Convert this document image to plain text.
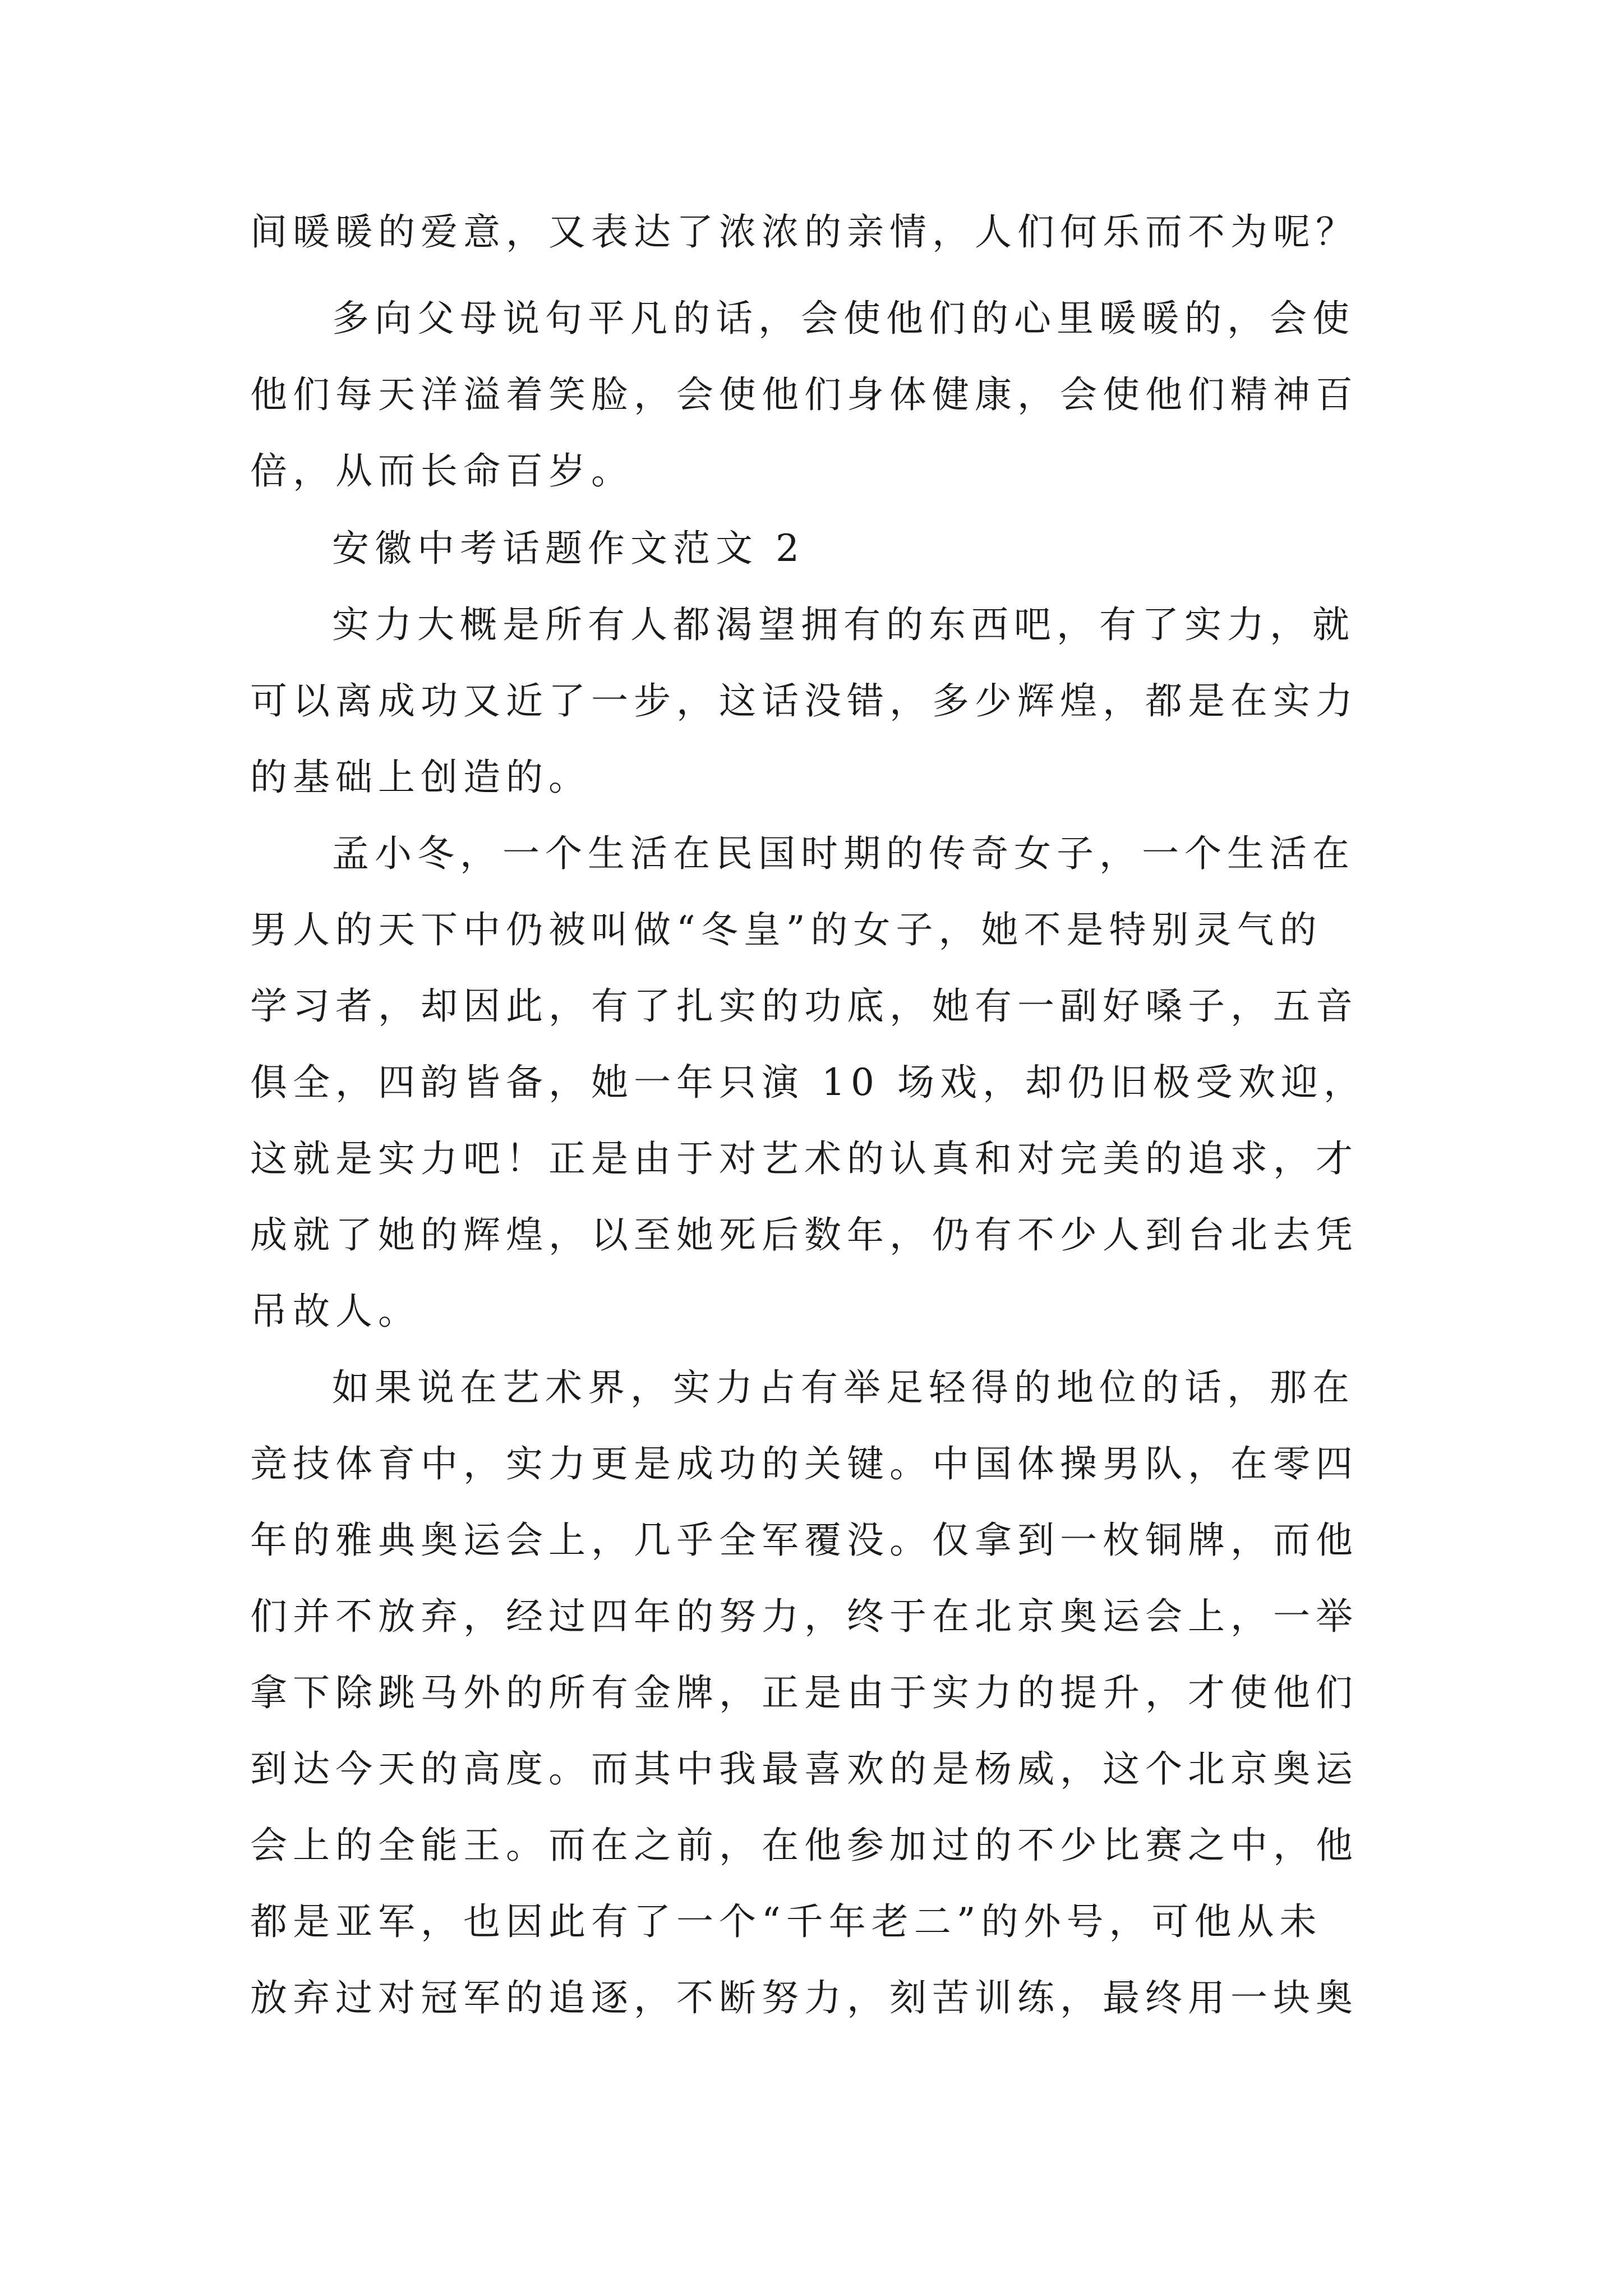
间暖暖的爱意，又表达了浓浓的亲情，人们何乐而不为呢？
多向父母说句平凡的话，会使他们的心里暖暖的，会使
他们每天洋溢着笑脸，会使他们身体健康，会使他们精神百
倍，从而长命百岁。
安徽中考话题作文范文 2
实力大概是所有人都渴望拥有的东西吧，有了实力，就
可以离成功又近了一步，这话没错，多少辉煌，都是在实力
的基础上创造的。
孟小冬，一个生活在民国时期的传奇女子，一个生活在
男人的天下中仍被叫做“冬皇”的女子，她不是特别灵气的
学习者，却因此，有了扎实的功底，她有一副好嗓子，五音
俱全，四韵皆备，她一年只演 10 场戏，却仍旧极受欢迎，
这就是实力吧！正是由于对艺术的认真和对完美的追求，才
成就了她的辉煌，以至她死后数年，仍有不少人到台北去凭
吊故人。
如果说在艺术界，实力占有举足轻得的地位的话，那在
竞技体育中，实力更是成功的关键。中国体操男队，在零四
年的雅典奥运会上，几乎全军覆没。仅拿到一枚铜牌，而他
们并不放弃，经过四年的努力，终于在北京奥运会上，一举
拿下除跳马外的所有金牌，正是由于实力的提升，才使他们
到达今天的高度。而其中我最喜欢的是杨威，这个北京奥运
会上的全能王。而在之前，在他参加过的不少比赛之中，他
都是亚军，也因此有了一个“千年老二”的外号，可他从未
放弃过对冠军的追逐，不断努力，刻苦训练，最终用一块奥
